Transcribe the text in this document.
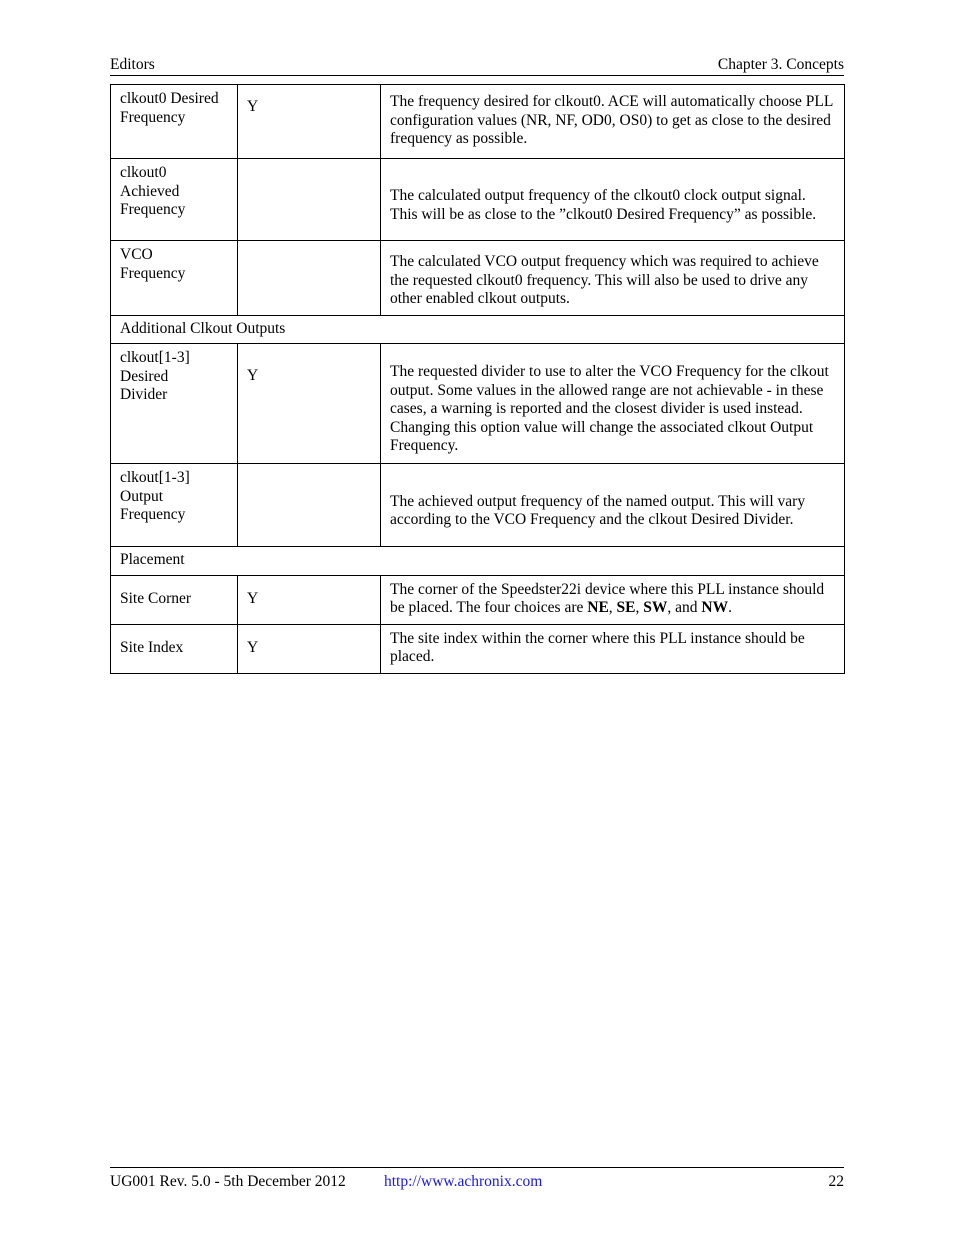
Editors	Chapter 3. Concepts
clkout0 Desired Frequency	Y	The frequency desired for clkout0. ACE will automatically choose PLL configuration values (NR, NF, OD0, OS0) to get as close to the desired frequency as possible.
clkout0 Achieved Frequency		The calculated output frequency of the clkout0 clock output signal. This will be as close to the ”clkout0 Desired Frequency” as possible.
VCO Frequency		The calculated VCO output frequency which was required to achieve the requested clkout0 frequency. This will also be used to drive any other enabled clkout outputs.
Additional Clkout Outputs		
clkout[1-3] Desired Divider	Y	The requested divider to use to alter the VCO Frequency for the clkout output. Some values in the allowed range are not achievable - in these cases, a warning is reported and the closest divider is used instead. Changing this option value will change the associated clkout Output Frequency.
clkout[1-3] Output Frequency		The achieved output frequency of the named output. This will vary according to the VCO Frequency and the clkout Desired Divider.
Placement		
Site Corner	Y	The corner of the Speedster22i device where this PLL instance should be placed. The four choices are NE, SE, SW, and NW.
Site Index	Y	The site index within the corner where this PLL instance should be placed.
UG001 Rev. 5.0 - 5th December 2012 http://www.achronix.com	22
